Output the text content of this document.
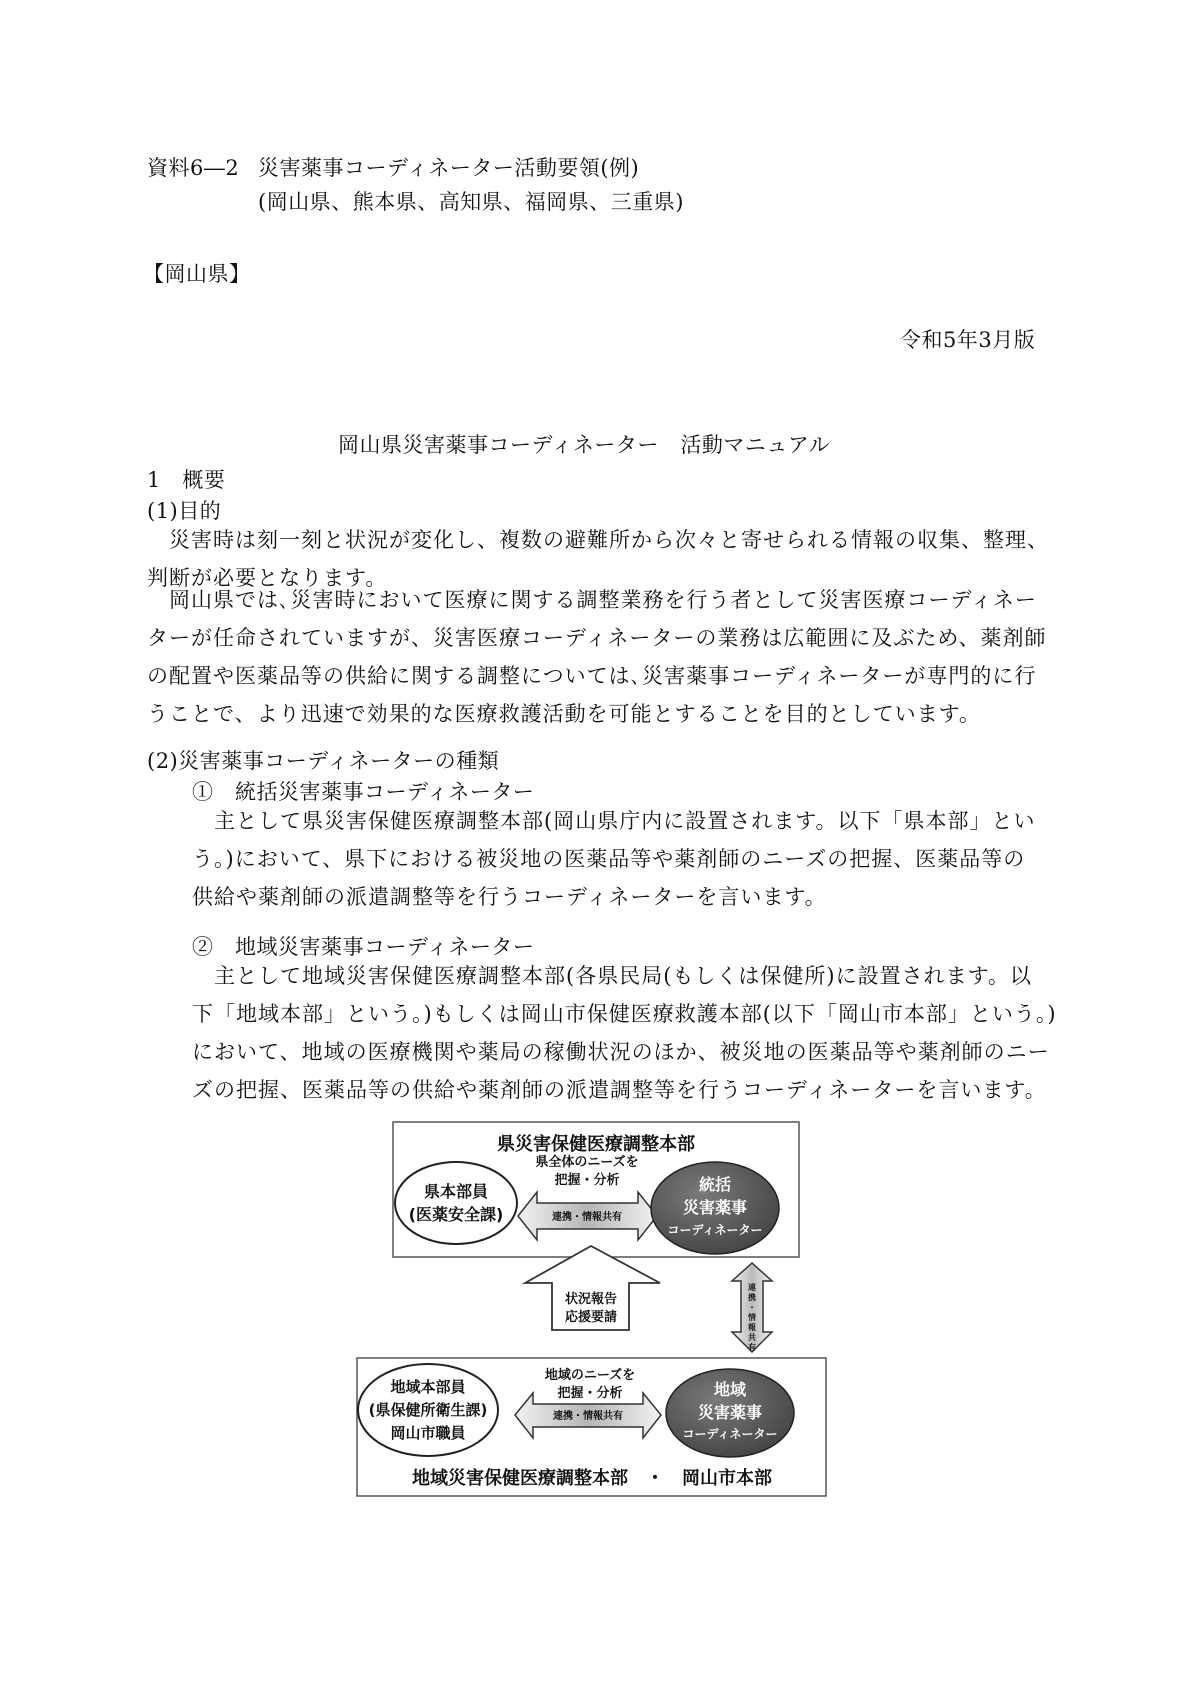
資料6―2 災害薬事コーディネーター活動要領(例)
(岡山県、熊本県、高知県、福岡県、三重県)
【岡山県】
令和5年3月版
岡山県災害薬事コーディネーター　活動マニュアル
1　概要
(1)目的
　災害時は刻一刻と状況が変化し、複数の避難所から次々と寄せられる情報の収集、整理、
判断が必要となります。
　岡山県では､災害時において医療に関する調整業務を行う者として災害医療コーディネー
ターが任命されていますが、災害医療コーディネーターの業務は広範囲に及ぶため、薬剤師
の配置や医薬品等の供給に関する調整については､災害薬事コーディネーターが専門的に行
うことで、より迅速で効果的な医療救護活動を可能とすることを目的としています。
(2)災害薬事コーディネーターの種類
①　統括災害薬事コーディネーター
　主として県災害保健医療調整本部(岡山県庁内に設置されます。以下「県本部」とい
う。)において、県下における被災地の医薬品等や薬剤師のニーズの把握、医薬品等の
供給や薬剤師の派遣調整等を行うコーディネーターを言います。
②　地域災害薬事コーディネーター
　主として地域災害保健医療調整本部(各県民局(もしくは保健所)に設置されます。以
下「地域本部」という。)もしくは岡山市保健医療救護本部(以下「岡山市本部」という。)
において、地域の医療機関や薬局の稼働状況のほか、被災地の医薬品等や薬剤師のニー
ズの把握、医薬品等の供給や薬剤師の派遣調整等を行うコーディネーターを言います。
県災害保健医療調整本部
県本部員
(医薬安全課)
県全体のニーズを
把握・分析
連携・情報共有
統括
災害薬事
コーディネーター
状況報告
応援要請
連
携
・
情
報
共
有
地域本部員
(県保健所衛生課)
岡山市職員
地域のニーズを
把握・分析
連携・情報共有
地域
災害薬事
コーディネーター
地域災害保健医療調整本部　・　岡山市本部
